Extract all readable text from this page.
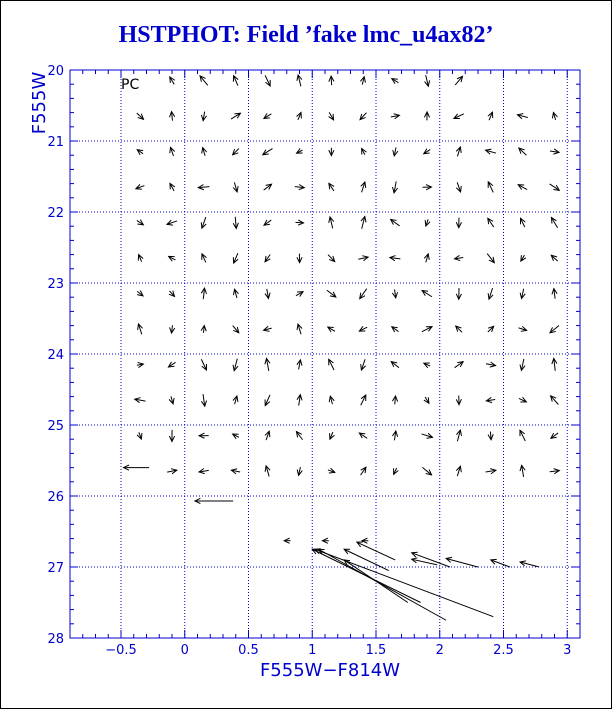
HSTPHOT: Field ’fake lmc_u4ax82’
−0.5	0	0.5	1	1.5	2	2.5	3
20
21
22
23
24
25
26
27
28
F555W−F814W
F555W	PC
